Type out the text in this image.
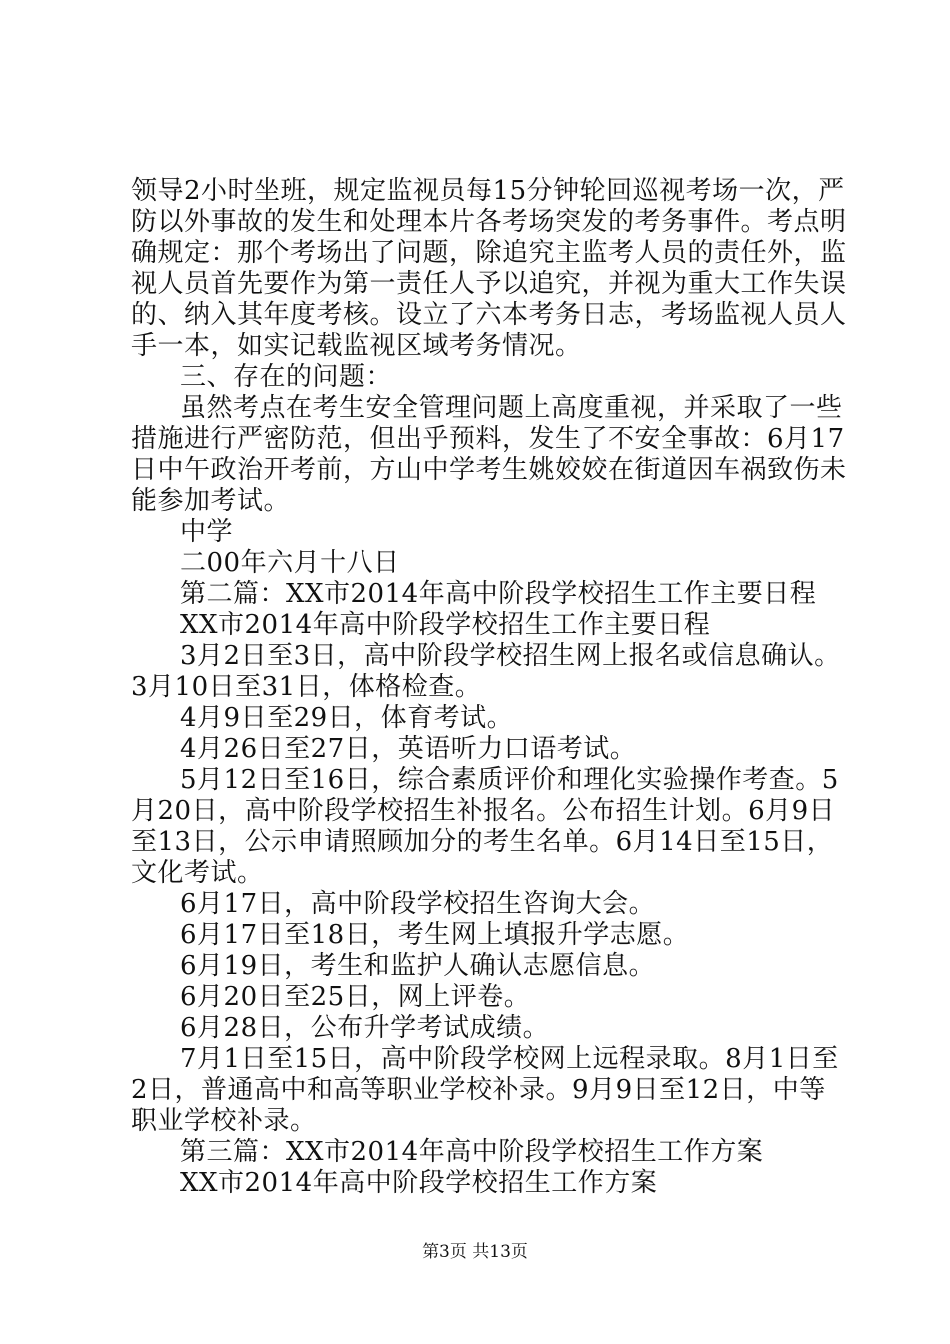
领导2小时坐班，规定监视员每15分钟轮回巡视考场一次，严

防以外事故的发生和处理本片各考场突发的考务事件。考点明

确规定：那个考场出了问题，除追究主监考人员的责任外，监

视人员首先要作为第一责任人予以追究，并视为重大工作失误

的、纳入其年度考核。设立了六本考务日志，考场监视人员人

手一本，如实记载监视区域考务情况。

三、存在的问题：

虽然考点在考生安全管理问题上高度重视，并采取了一些

措施进行严密防范，但出乎预料，发生了不安全事故：6月17

日中午政治开考前，方山中学考生姚姣姣在街道因车祸致伤未

能参加考试。

中学

二00年六月十八日

第二篇：XX市2014年高中阶段学校招生工作主要日程

XX市2014年高中阶段学校招生工作主要日程

3月2日至3日，高中阶段学校招生网上报名或信息确认。

3月10日至31日，体格检查。

4月9日至29日，体育考试。

4月26日至27日，英语听力口语考试。

5月12日至16日，综合素质评价和理化实验操作考查。5

月20日，高中阶段学校招生补报名。公布招生计划。6月9日

至13日，公示申请照顾加分的考生名单。6月14日至15日，

文化考试。

6月17日，高中阶段学校招生咨询大会。

6月17日至18日，考生网上填报升学志愿。

6月19日，考生和监护人确认志愿信息。

6月20日至25日，网上评卷。

6月28日，公布升学考试成绩。

7月1日至15日，高中阶段学校网上远程录取。8月1日至

2日，普通高中和高等职业学校补录。9月9日至12日，中等

职业学校补录。

第3页 共13页

第三篇：XX市2014年高中阶段学校招生工作方案

XX市2014年高中阶段学校招生工作方案
